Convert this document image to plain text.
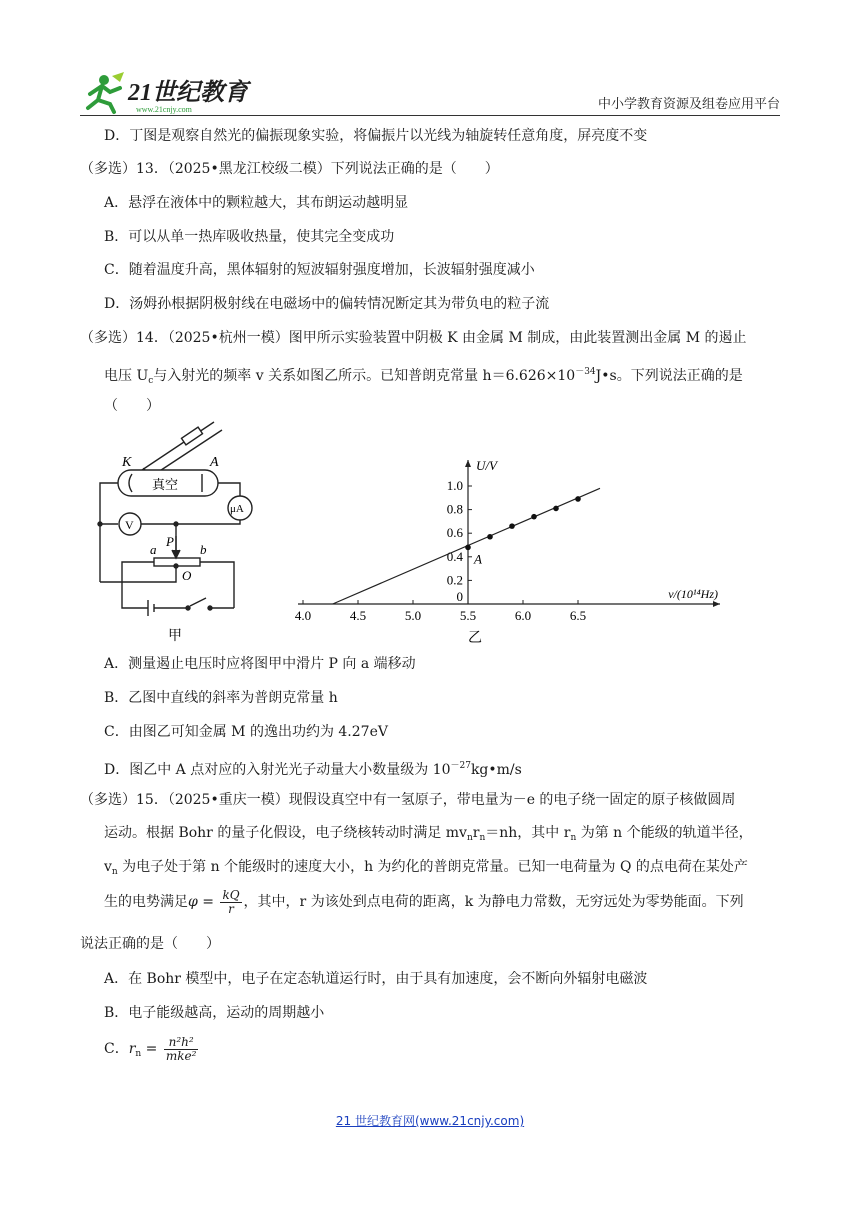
21世纪教育
www.21cnjy.com	中小学教育资源及组卷应用平台
D．丁图是观察自然光的偏振现象实验，将偏振片以光线为轴旋转任意角度，屏亮度不变
（多选）13．（2025•黑龙江校级二模）下列说法正确的是（　　）
A．悬浮在液体中的颗粒越大，其布朗运动越明显
B．可以从单一热库吸收热量，使其完全变成功
C．随着温度升高，黑体辐射的短波辐射强度增加，长波辐射强度减小
D．汤姆孙根据阴极射线在电磁场中的偏转情况断定其为带负电的粒子流
（多选）14．（2025•杭州一模）图甲所示实验装置中阴极 K 由金属 M 制成，由此装置测出金属 M 的遏止
电压 $U_c$与入射光的频率 v 关系如图乙所示。已知普朗克常量 $h=6.626\times 10^{-34}J•s$。下列说法正确的是
（　　）
K	A
真空
μA
V
a
P
b
O
甲
4.0	4.5	5.0	5.5	6.0	6.5
0
0.2
0.4
0.6
0.8
1.0
A
U/V
ν/(10¹⁴Hz)
乙
A．测量遏止电压时应将图甲中滑片 P 向 a 端移动
B．乙图中直线的斜率为普朗克常量 h
C．由图乙可知金属 M 的逸出功约为 4.27eV
D．图乙中 A 点对应的入射光光子动量大小数量级为 $10^{-27}kg•m/s$
（多选）15．（2025•重庆一模）现假设真空中有一氢原子，带电量为－e 的电子绕一固定的原子核做圆周
运动。根据 Bohr 的量子化假设，电子绕核转动时满足 $mv_nr_n=nh$，其中 $r_n$ 为第 n 个能级的轨道半径，
$v_n$ 为电子处于第 n 个能级时的速度大小，h 为约化的普朗克常量。已知一电荷量为 Q 的点电荷在某处产
生的电势满足$\varphi = \frac{kQ}{r}$ ，其中，r 为该处到点电荷的距离，k 为静电力常数，无穷远处为零势能面。下列
说法正确的是（　　）
A．在 Bohr 模型中，电子在定态轨道运行时，由于具有加速度，会不断向外辐射电磁波
B．电子能级越高，运动的周期越小
C．$r_n = \frac{\text{n²h²}}{\text{mke²}}$
21 世纪教育网(www.21cnjy.com)
